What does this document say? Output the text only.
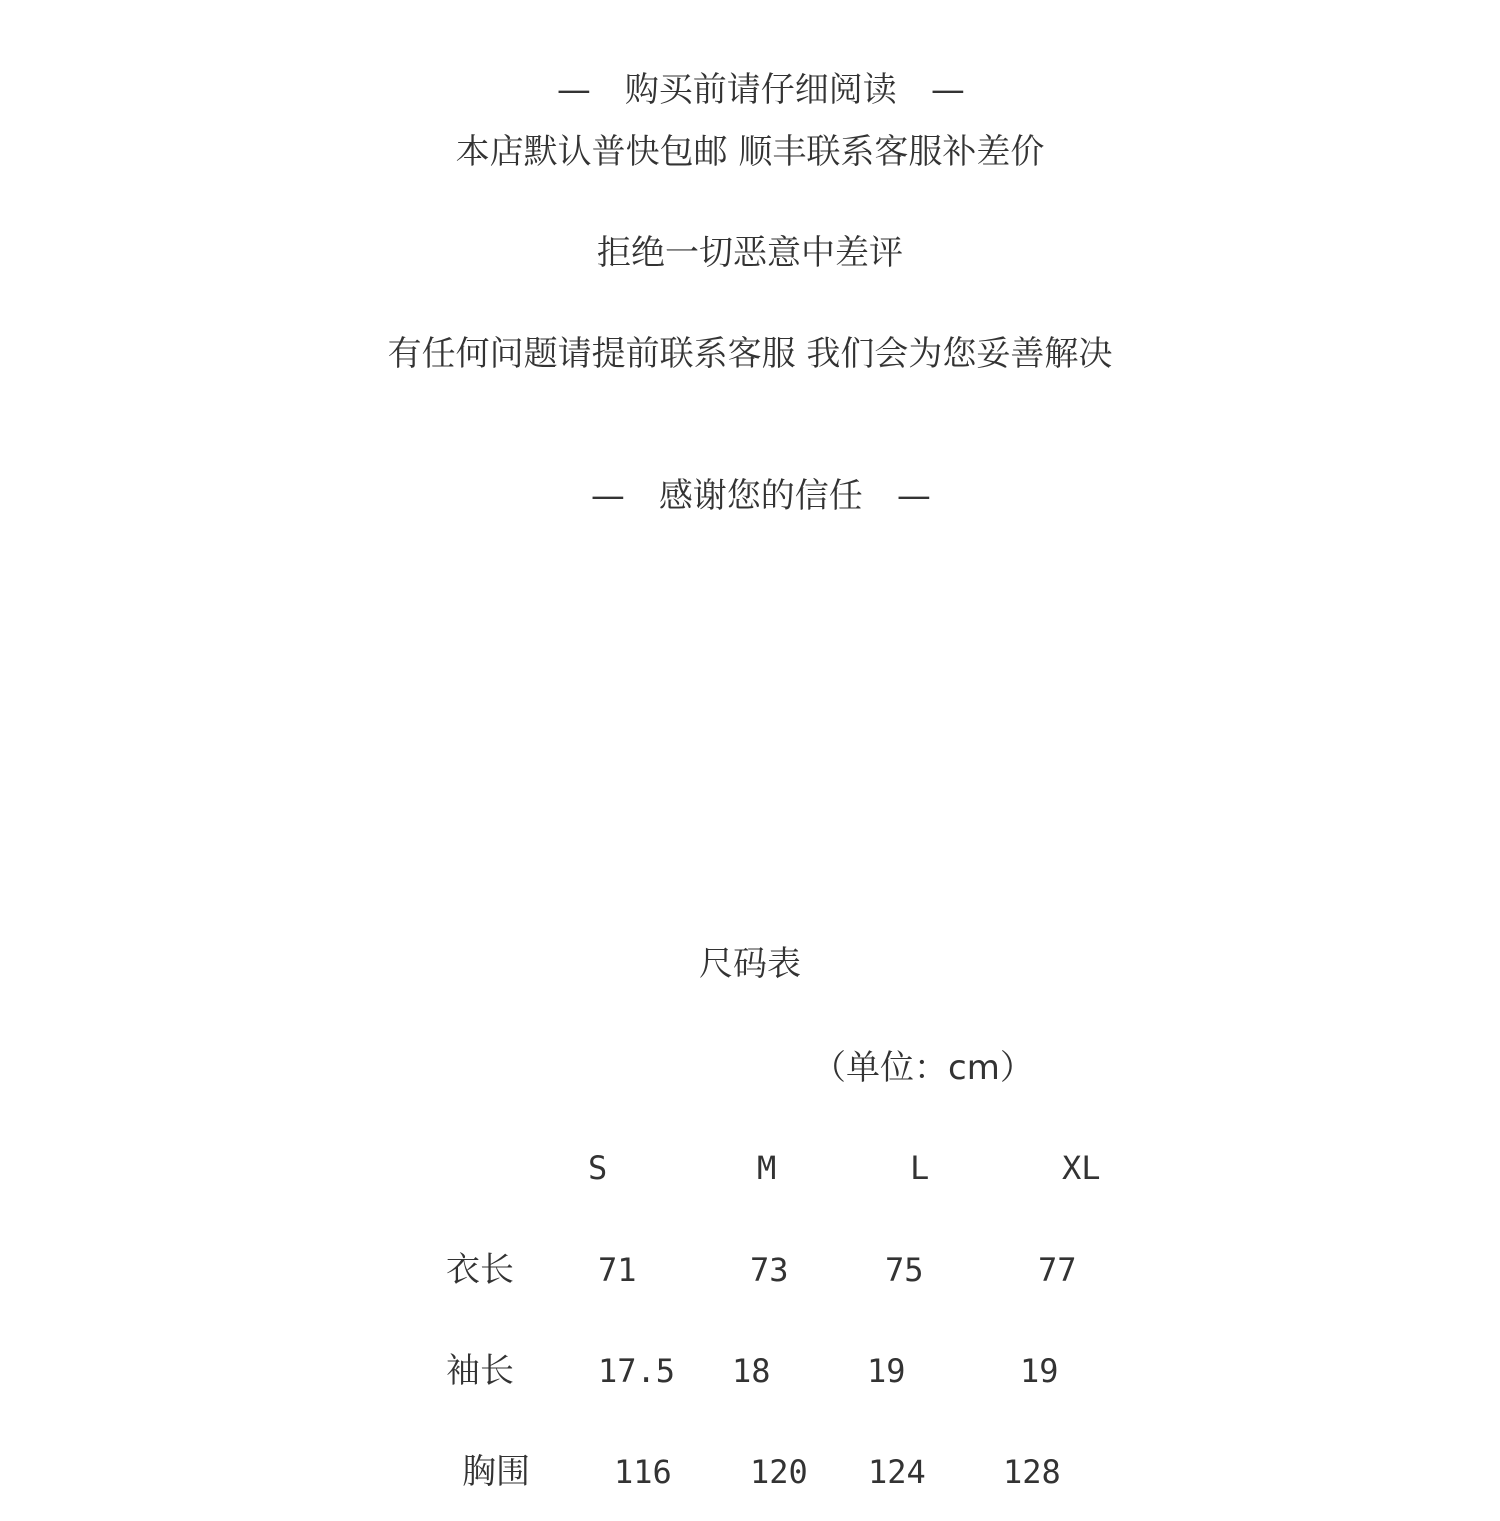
— 购买前请仔细阅读 —

本店默认普快包邮 顺丰联系客服补差价
拒绝一切恶意中差评
有任何问题请提前联系客服 我们会为您妥善解决

— 感谢您的信任 —

尺码表
（单位：cm）
S	M	L	XL
衣长	71	73	75	77
袖长	17.5 18	19	19
胸围	116 120 124 128
